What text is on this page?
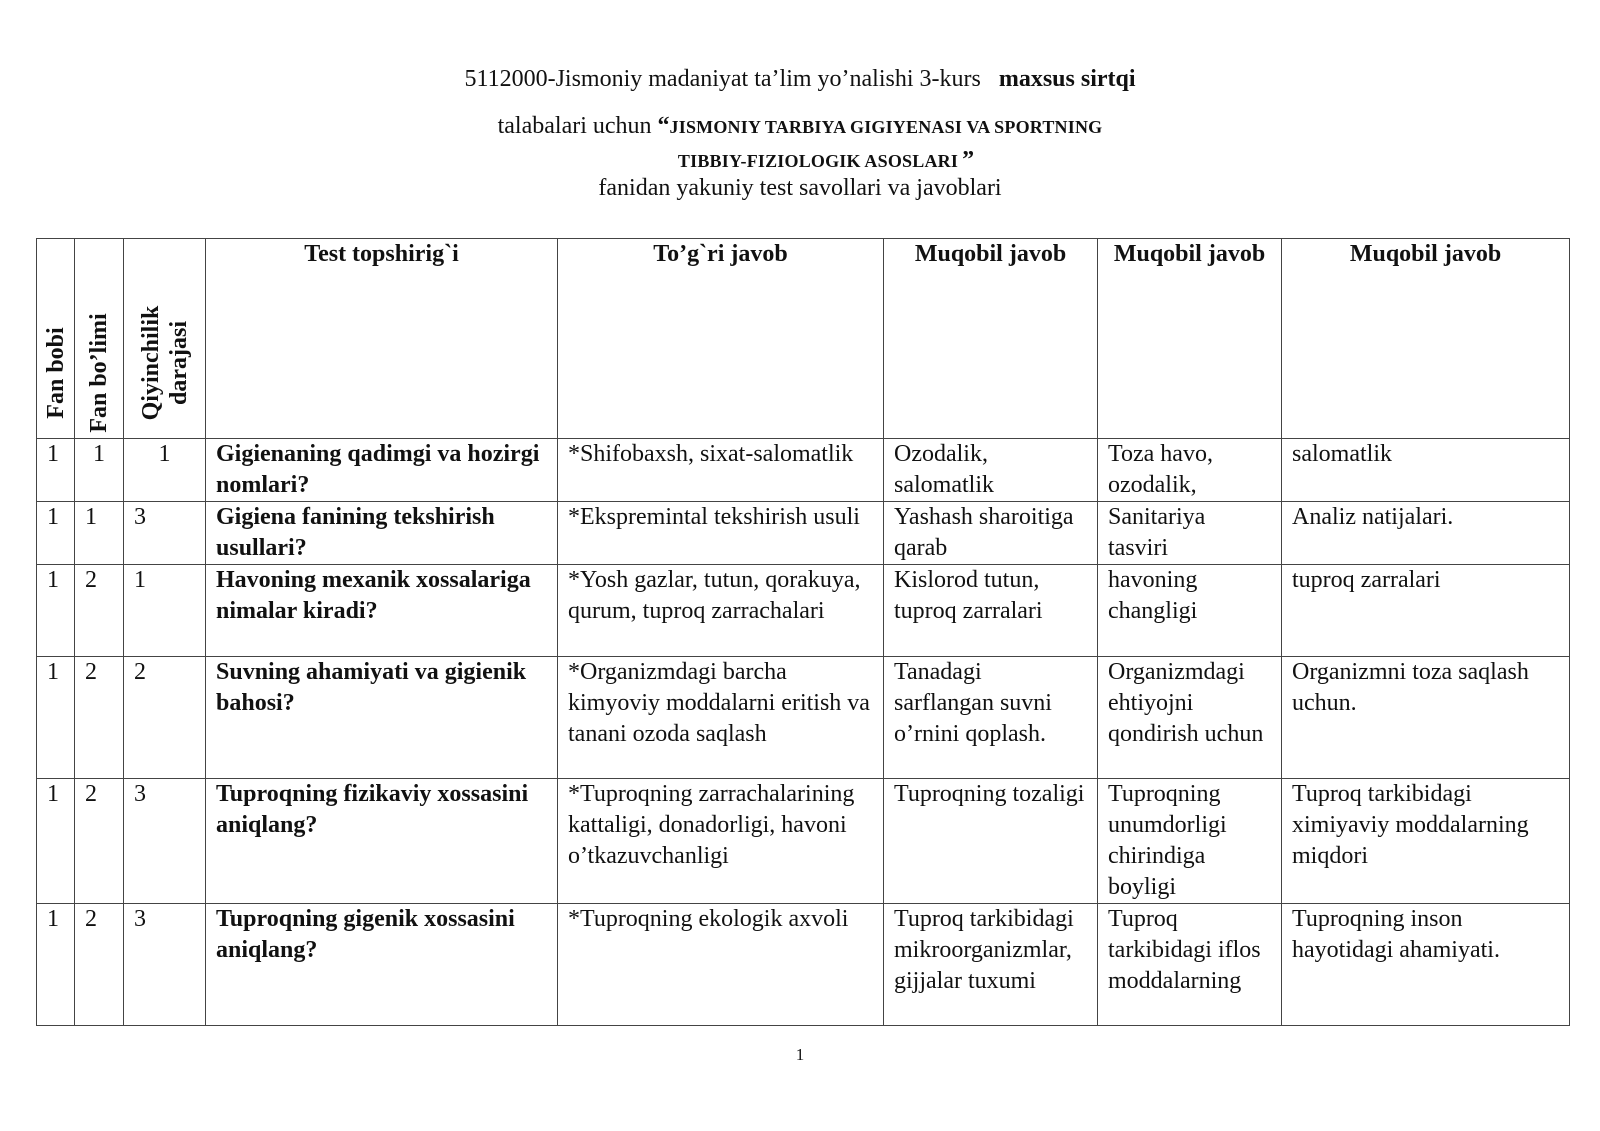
5112000-Jismoniy madaniyat ta’lim yo’nalishi 3-kurs maxsus sirtqi
talabalari uchun “JISMONIY TARBIYA GIGIYENASI VA SPORTNING
TIBBIY-FIZIOLOGIK ASOSLARI ”
fanidan yakuniy test savollari va javoblari
Fan bobi	Fan bo’limi	Qiyinchilik darajasi	Test topshirig`i	To’g`ri javob	Muqobil javob	Muqobil javob	Muqobil javob
1	1	1	Gigienaning qadimgi va hozirgi nomlari?	*Shifobaxsh, sixat-salomatlik	Ozodalik, salomatlik	Toza havo, ozodalik,	salomatlik
1	1	3	Gigiena fanining tekshirish usullari?	*Ekspremintal tekshirish usuli	Yashash sharoitiga qarab	Sanitariya tasviri	Analiz natijalari.
1	2	1	Havoning mexanik xossalariga nimalar kiradi?	*Yosh gazlar, tutun, qorakuya, qurum, tuproq zarrachalari	Kislorod tutun, tuproq zarralari	havoning changligi	tuproq zarralari
1	2	2	Suvning ahamiyati va gigienik bahosi?	*Organizmdagi barcha kimyoviy moddalarni eritish va tanani ozoda saqlash	Tanadagi sarflangan suvni o’rnini qoplash.	Organizmdagi ehtiyojni qondirish uchun	Organizmni toza saqlash uchun.
1	2	3	Tuproqning fizikaviy xossasini aniqlang?	*Tuproqning zarrachalarining kattaligi, donadorligi, havoni o’tkazuvchanligi	Tuproqning tozaligi	Tuproqning unumdorligi chirindiga boyligi	Tuproq tarkibidagi ximiyaviy moddalarning miqdori
1	2	3	Tuproqning gigenik xossasini aniqlang?	*Tuproqning ekologik axvoli	Tuproq tarkibidagi mikroorganizmlar, gijjalar tuxumi	Tuproq tarkibidagi iflos moddalarning	Tuproqning inson hayotidagi ahamiyati.
1
